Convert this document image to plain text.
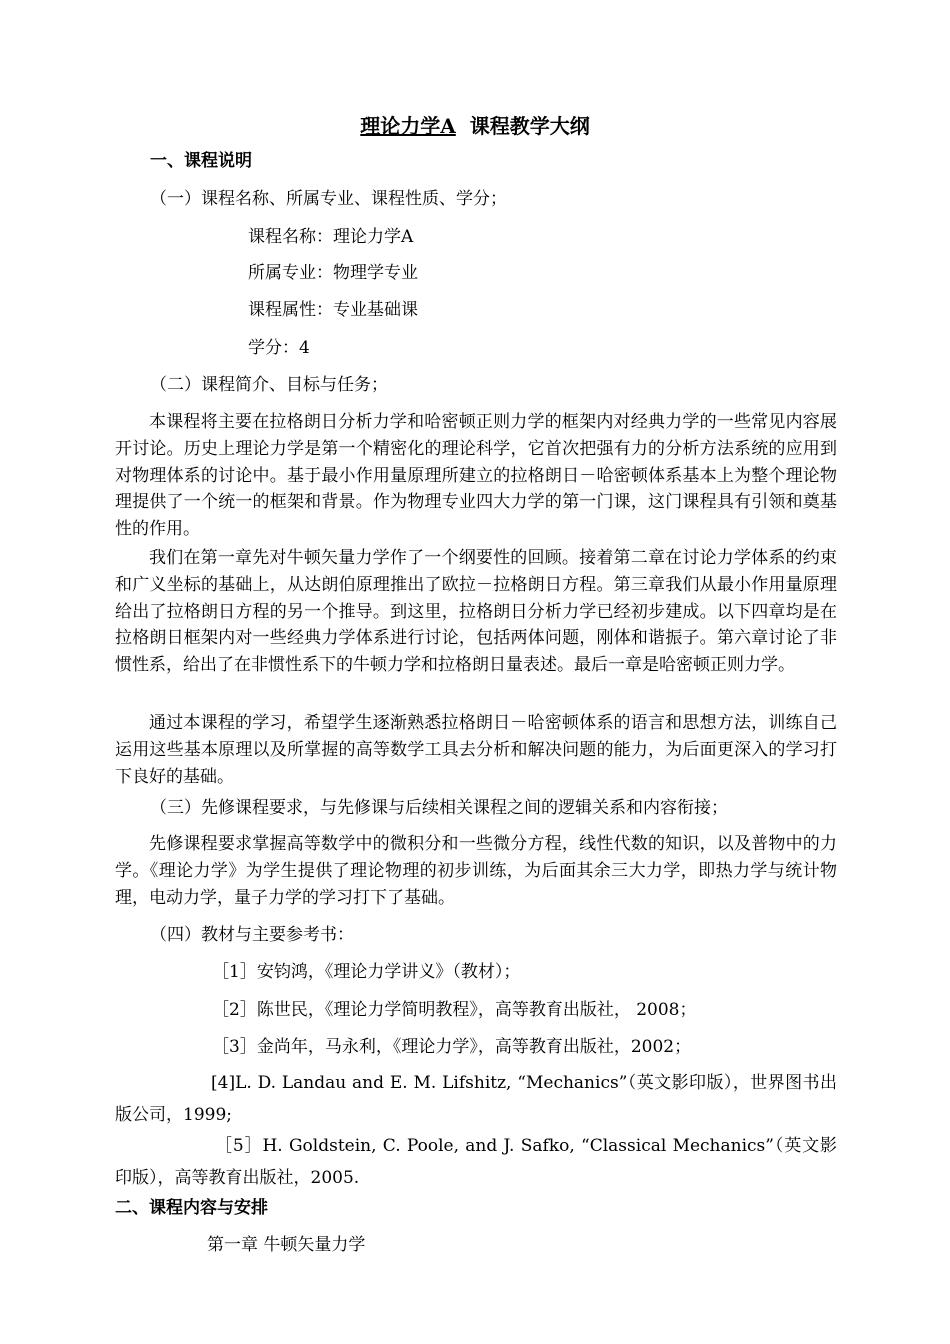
理论力学A 课程教学大纲

一、课程说明

（一）课程名称、所属专业、课程性质、学分；

课程名称：理论力学A

所属专业：物理学专业

课程属性：专业基础课

学分：4

（二）课程简介、目标与任务；

本课程将主要在拉格朗日分析力学和哈密顿正则力学的框架内对经典力学的一些常见内容展开讨论。历史上理论力学是第一个精密化的理论科学，它首次把强有力的分析方法系统的应用到对物理体系的讨论中。基于最小作用量原理所建立的拉格朗日－哈密顿体系基本上为整个理论物理提供了一个统一的框架和背景。作为物理专业四大力学的第一门课，这门课程具有引领和奠基性的作用。

我们在第一章先对牛顿矢量力学作了一个纲要性的回顾。接着第二章在讨论力学体系的约束和广义坐标的基础上，从达朗伯原理推出了欧拉－拉格朗日方程。第三章我们从最小作用量原理给出了拉格朗日方程的另一个推导。到这里，拉格朗日分析力学已经初步建成。以下四章均是在拉格朗日框架内对一些经典力学体系进行讨论，包括两体问题，刚体和谐振子。第六章讨论了非惯性系，给出了在非惯性系下的牛顿力学和拉格朗日量表述。最后一章是哈密顿正则力学。

通过本课程的学习，希望学生逐渐熟悉拉格朗日－哈密顿体系的语言和思想方法，训练自己运用这些基本原理以及所掌握的高等数学工具去分析和解决问题的能力，为后面更深入的学习打下良好的基础。

（三）先修课程要求，与先修课与后续相关课程之间的逻辑关系和内容衔接；

先修课程要求掌握高等数学中的微积分和一些微分方程，线性代数的知识，以及普物中的力学。《理论力学》为学生提供了理论物理的初步训练，为后面其余三大力学，即热力学与统计物理，电动力学，量子力学的学习打下了基础。

（四）教材与主要参考书：

［1］安钧鸿，《理论力学讲义》（教材）；

［2］陈世民，《理论力学简明教程》，高等教育出版社， 2008；

［3］金尚年，马永利，《理论力学》，高等教育出版社，2002；

[4]L. D. Landau and E. M. Lifshitz, “Mechanics”（英文影印版），世界图书出版公司，1999;

［5］H. Goldstein, C. Poole, and J. Safko, “Classical Mechanics”（英文影印版），高等教育出版社，2005.

二、课程内容与安排

第一章 牛顿矢量力学
